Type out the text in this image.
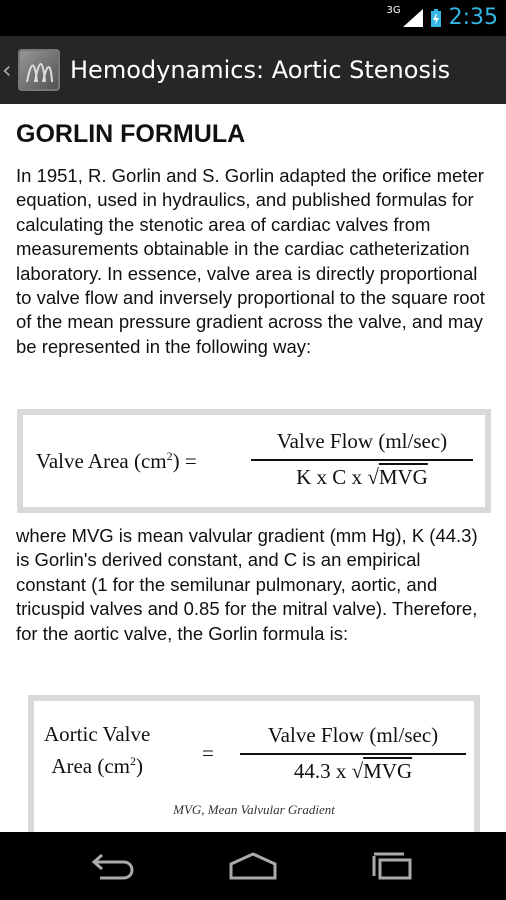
3G 2:35
‹ Hemodynamics: Aortic Stenosis
GORLIN FORMULA
In 1951, R. Gorlin and S. Gorlin adapted the orifice meter equation, used in hydraulics, and published formulas for calculating the stenotic area of cardiac valves from measurements obtainable in the cardiac catheterization laboratory. In essence, valve area is directly proportional to valve flow and inversely proportional to the square root of the mean pressure gradient across the valve, and may be represented in the following way:
Valve Area $(cm^2)$ =
Valve Flow (ml/sec)
K x C x √MVG
where MVG is mean valvular gradient (mm Hg), K (44.3) is Gorlin's derived constant, and C is an empirical constant (1 for the semilunar pulmonary, aortic, and tricuspid valves and 0.85 for the mitral valve). Therefore, for the aortic valve, the Gorlin formula is:
Aortic Valve
Area $(cm^2)$
=
Valve Flow (ml/sec)
44.3 x √MVG
MVG, Mean Valvular Gradient
